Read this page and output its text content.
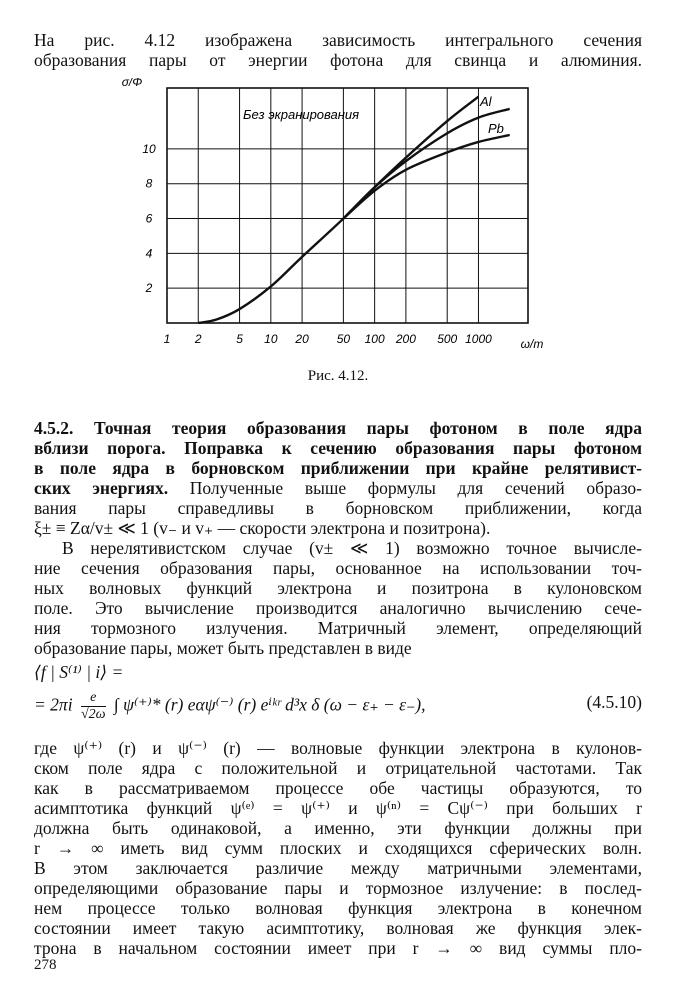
На рис. 4.12 изображена зависимость интегрального сечения
образования пары от энергии фотона для свинца и алюминия.
2
4
6
8
10
1 2	5 10 20 50 100 200 500 1000
σ/Φ
ω/m
Без экранирования
Al
Pb
Рис. 4.12.
4.5.2. Точная теория образования пары фотоном в поле ядра
вблизи порога. Поправка к сечению образования пары фотоном
в поле ядра в борновском приближении при крайне релятивист-
ских энергиях. Полученные выше формулы для сечений образо-
вания пары справедливы в борновском приближении, когда
ξ± ≡ Zα/v± ≪ 1 (v₋ и v₊ — скорости электрона и позитрона).
В нерелятивистском случае (v± ≪ 1) возможно точное вычисле-
ние сечения образования пары, основанное на использовании точ-
ных волновых функций электрона и позитрона в кулоновском
поле. Это вычисление производится аналогично вычислению сече-
ния тормозного излучения. Матричный элемент, определяющий
образование пары, может быть представлен в виде
⟨f | S⁽¹⁾ | i⟩ =
= $2\pi i \frac{e}{√2\omega}$ ∫ ψ⁽⁺⁾* (r) eαψ⁽⁻⁾ (r) eⁱᵏʳ d³x δ (ω − ε₊ − ε₋),	(4.5.10)
где ψ⁽⁺⁾ (r) и ψ⁽⁻⁾ (r) — волновые функции электрона в кулонов-
ском поле ядра с положительной и отрицательной частотами. Так
как в рассматриваемом процессе обе частицы образуются, то
асимптотика функций ψ⁽ᵉ⁾ = ψ⁽⁺⁾ и ψ⁽ⁿ⁾ = Cψ⁽⁻⁾ при больших r
должна быть одинаковой, а именно, эти функции должны при
r → ∞ иметь вид сумм плоских и сходящихся сферических волн.
В этом заключается различие между матричными элементами,
определяющими образование пары и тормозное излучение: в послед-
нем процессе только волновая функция электрона в конечном
состоянии имеет такую асимптотику, волновая же функция элек-
трона в начальном состоянии имеет при r → ∞ вид суммы пло-
278
